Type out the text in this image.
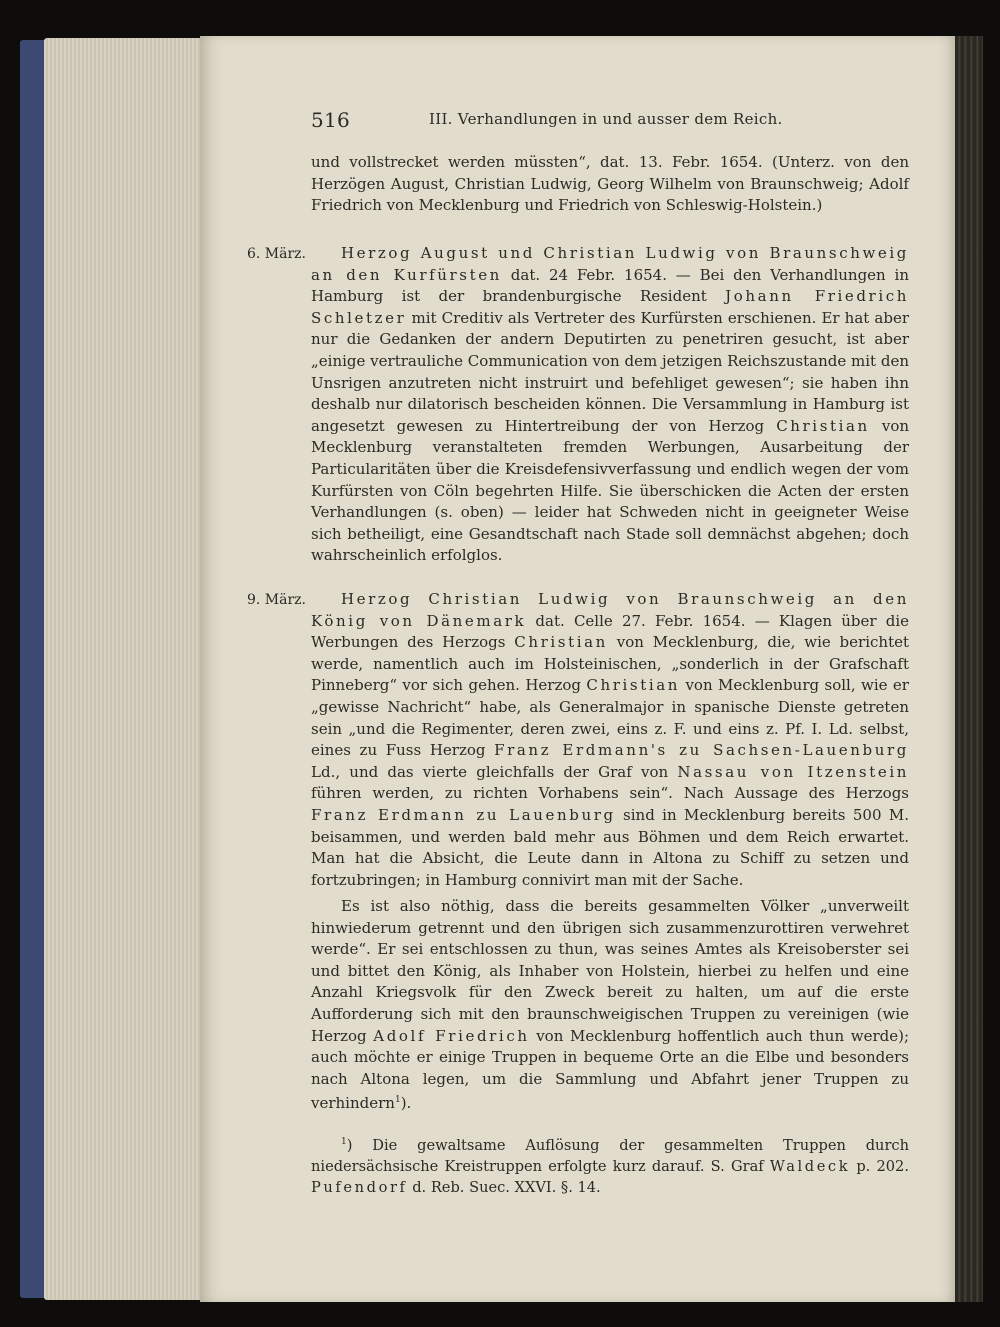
516	III. Verhandlungen in und ausser dem Reich.

und vollstrecket werden müssten“, dat. 13. Febr. 1654. (Unterz. von den Herzögen August, Christian Ludwig, Georg Wilhelm von Braunschweig; Adolf Friedrich von Mecklenburg und Friedrich von Schleswig-Holstein.)

6. März.	Herzog August und Christian Ludwig von Braunschweig an den Kurfürsten dat. 24 Febr. 1654. — Bei den Verhandlungen in Hamburg ist der brandenburgische Resident Johann Friedrich Schletzer mit Creditiv als Vertreter des Kurfürsten erschienen. Er hat aber nur die Gedanken der andern Deputirten zu penetriren gesucht, ist aber „einige vertrauliche Communication von dem jetzigen Reichszustande mit den Unsrigen anzutreten nicht instruirt und befehliget gewesen“; sie haben ihn deshalb nur dilatorisch bescheiden können. Die Versammlung in Hamburg ist angesetzt gewesen zu Hintertreibung der von Herzog Christian von Mecklenburg veranstalteten fremden Werbungen, Ausarbeitung der Particularitäten über die Kreisdefensivverfassung und endlich wegen der vom Kurfürsten von Cöln begehrten Hilfe. Sie überschicken die Acten der ersten Verhandlungen (s. oben) — leider hat Schweden nicht in geeigneter Weise sich betheiligt, eine Gesandtschaft nach Stade soll demnächst abgehen; doch wahrscheinlich erfolglos.

9. März.	Herzog Christian Ludwig von Braunschweig an den König von Dänemark dat. Celle 27. Febr. 1654. — Klagen über die Werbungen des Herzogs Christian von Mecklenburg, die, wie berichtet werde, namentlich auch im Holsteinischen, „sonderlich in der Grafschaft Pinneberg“ vor sich gehen. Herzog Christian von Mecklenburg soll, wie er „gewisse Nachricht“ habe, als Generalmajor in spanische Dienste getreten sein „und die Regimenter, deren zwei, eins z. F. und eins z. Pf. I. Ld. selbst, eines zu Fuss Herzog Franz Erdmann's zu Sachsen-Lauenburg Ld., und das vierte gleichfalls der Graf von Nassau von Itzenstein führen werden, zu richten Vorhabens sein“. Nach Aussage des Herzogs Franz Erdmann zu Lauenburg sind in Mecklenburg bereits 500 M. beisammen, und werden bald mehr aus Böhmen und dem Reich erwartet. Man hat die Absicht, die Leute dann in Altona zu Schiff zu setzen und fortzubringen; in Hamburg connivirt man mit der Sache.

Es ist also nöthig, dass die bereits gesammelten Völker „unverweilt hinwiederum getrennt und den übrigen sich zusammenzurottiren verwehret werde“. Er sei entschlossen zu thun, was seines Amtes als Kreisoberster sei und bittet den König, als Inhaber von Holstein, hierbei zu helfen und eine Anzahl Kriegsvolk für den Zweck bereit zu halten, um auf die erste Aufforderung sich mit den braunschweigischen Truppen zu vereinigen (wie Herzog Adolf Friedrich von Mecklenburg hoffentlich auch thun werde); auch möchte er einige Truppen in bequeme Orte an die Elbe und besonders nach Altona legen, um die Sammlung und Abfahrt jener Truppen zu verhindern$^1$).

$^1$) Die gewaltsame Auflösung der gesammelten Truppen durch niedersächsische Kreistruppen erfolgte kurz darauf. S. Graf Waldeck p. 202. Pufendorf d. Reb. Suec. XXVI. §. 14.
